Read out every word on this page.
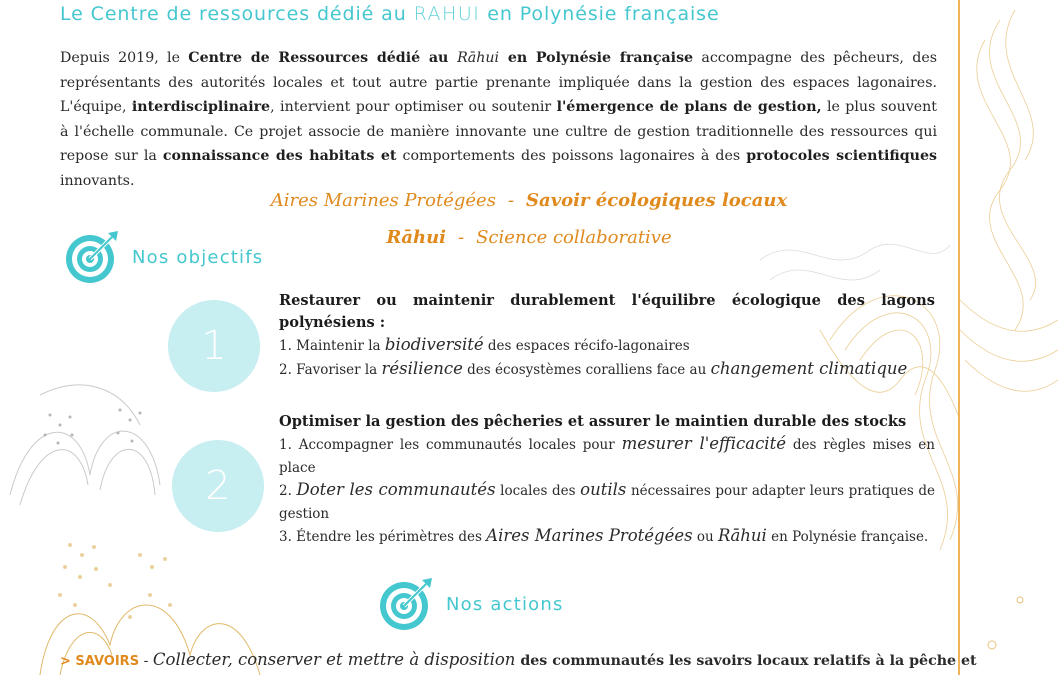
Le Centre de ressources dédié au RAHUI en Polynésie française
Depuis 2019, le Centre de Ressources dédié au Rāhui en Polynésie française accompagne des pêcheurs, des représentants des autorités locales et tout autre partie prenante impliquée dans la gestion des espaces lagonaires. L'équipe, interdisciplinaire, intervient pour optimiser ou soutenir l'émergence de plans de gestion, le plus souvent à l'échelle communale. Ce projet associe de manière innovante une cultre de gestion traditionnelle des ressources qui repose sur la connaissance des habitats et comportements des poissons lagonaires à des protocoles scientifiques innovants.
Aires Marines Protégées - Savoir écologiques locaux
Rāhui - Science collaborative
Nos objectifs
1
2
Restaurer ou maintenir durablement l'équilibre écologique des lagons polynésiens :
1. Maintenir la biodiversité des espaces récifo-lagonaires
2. Favoriser la résilience des écosystèmes coralliens face au changement climatique
Optimiser la gestion des pêcheries et assurer le maintien durable des stocks
1. Accompagner les communautés locales pour mesurer l'efficacité des règles mises en place
2. Doter les communautés locales des outils nécessaires pour adapter leurs pratiques de gestion
3. Étendre les périmètres des Aires Marines Protégées ou Rāhui en Polynésie française.
Nos actions
> SAVOIRS - Collecter, conserver et mettre à disposition des communautés les savoirs locaux relatifs à la pêche et
